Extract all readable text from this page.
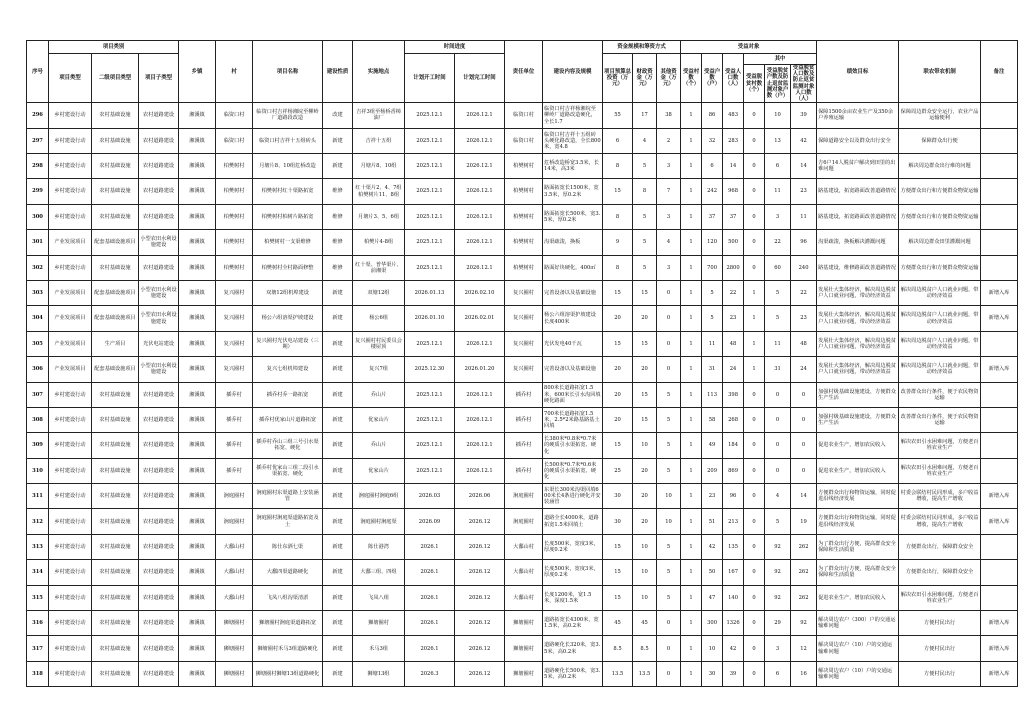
序号	项目类别			乡镇	村	项目名称	建设性质	实施地点	时间进度		责任单位	建设内容及规模	资金规模和筹资方式			受益对象						绩效目标	联农带农机制	备注
	项目类型	二级项目类型	项目子类型						计划开工时间	计划完工时间			项目预算总投资（万元）	财政资金（万元）	其他资金（万元）	受益村数（个）	受益户数（户）	受益人口数（人）	其中					
																			受益脱贫村数（个）	受益脱贫户数及防止返贫监测对象户数（户）	受益脱贫人口数及防止返贫监测对象人口数（人）			
296	乡村建设行动	农村基础设施	农村道路建设	湘溪镇	临资口村	临资口村吉祥杨湘垸至柳岭厂道路段改造	改建	吉祥3组至杨桥香樟油厂	2025.12.1	2026.12.1	临资口村	临资口村吉祥杨湘垸至柳岭厂道路改造硬化，全长1.7	55	17	38	1	86	483	0	10	39	保障1500余亩农业生产及350余户养殖运输	保障周边群众安全运行，农业产品运输便利	
297	乡村建设行动	农村基础设施	农村道路建设	湘溪镇	临资口村	临资口村吉祥十五组砖头	新建	吉祥十五组	2025.12.1	2026.12.1	临资口村	临资口村吉祥十五组砖头硬化路改造，全长800米，宽4.8	6	4	2	1	32	283	0	13	42	保障道路安全以及群众出行安全	保障群众出行便	
298	乡村建设行动	农村基础设施	农村道路建设	湘溪镇	柏樊树村	月塘片8、10组危桥改造	新建	月塘片8、10组	2025.12.1	2026.12.1	柏樊树村	危桥改造桥宽3.5米，长14米，高3米	8	5	3	1	6	14	0	6	14	方6户14人脱贫户解决到田里的出难问题	解决周边群众出行难的问题	
299	乡村建设行动	农村基础设施	农村道路建设	湘溪镇	柏樊树村	柏樊树村红十渠路拓宽	维修	红十渠片2、4、7组柏樊树片11、8组	2025.12.1	2026.12.1	柏樊树村	路面拓宽长1500米，宽3.5米，厚0.2米	15	8	7	1	242	968	0	11	23	路基建设，拓宽路面改善道路情况	方便群众出行和方便群众物资运输	
300	乡村建设行动	农村基础设施	农村道路建设	湘溪镇	柏樊树村	柏樊树村柏树片路拓宽	维修	月塘片3、5、6组	2025.12.1	2026.12.1	柏樊树村	路面拓宽长500米，宽3.5米，厚0.2米	8	5	3	1	37	37	0	3	11	路基建设，拓宽路面改善道路情况	方便群众出行和方便群众物资运输	
301	产业发展项目	配套基础设施项目	小型农田水利设施建设	湘溪镇	柏樊树村	柏樊树村一支渠维修	维修	柏樊片4-8组	2025.12.1	2026.12.1	柏樊树村	沟渠疏浚，换板	9	5	4	1	120	500	0	22	96	沟渠疏浚，换板解决灌溉问题	解决周边群众田里灌溉问题	
302	乡村建设行动	农村基础设施	农村道路建设	湘溪镇	柏樊树村	柏樊树村全村路面修整	维修	红十渠、普华渠片、前湘渠	2025.12.1	2026.12.1	柏樊树村	路面好块硬化，400㎡	8	5	3	1	700	2800	0	60	240	路基建设，维修路面改善道路情况	方便群众出行和方便群众物资运输	
303	产业发展项目	配套基础设施项目	小型农田水利设施建设	湘溪镇	复兴圈村	双塘12组机埠建设	新建	双塘12组	2026.01.13	2026.02.10	复兴圈村	完善设备以及基础设施	15	15	0	1	5	22	1	5	22	发展壮大集体经济，解决周边脱贫户人口就业问题，带动经济效益	解决周边脱贫户人口就业问题，带动经济效益	新增入库
304	产业发展项目	配套基础设施项目	小型农田水利设施建设	湘溪镇	复兴圈村	杨公六组溶渠护坡建设	新建	杨公6组	2026.01.10	2026.02.01	复兴圈村	杨公六组溶渠护坡建设长度400米	20	20	0	1	5	23	1	5	23	发展壮大集体经济，解决周边脱贫户人口就业问题，带动经济效益	解决周边脱贫户人口就业问题，带动经济效益	新增入库
305	产业发展项目	生产项目	光伏电站建设	湘溪镇	复兴圈村	复兴圈村光伏电站建设（三期）	新建	复兴圈村村民委员会楼屋顶	2025.12.1	2026.12.1	复兴圈村	光伏发电40千瓦	15	15	0	1	11	48	1	11	48	发展壮大集体经济，解决周边脱贫户人口就业问题，带动经济效益	解决周边脱贫户人口就业问题，带动经济效益	
306	产业发展项目	配套基础设施项目	小型农田水利设施建设	湘溪镇	复兴圈村	复兴七组机埠建设	新建	复兴7组	2025.12.30	2026.01.20	复兴圈村	完善设备以及基础设施	20	20	0	1	31	24	1	31	24	发展壮大集体经济，解决周边脱贫户人口就业问题，带动经济效益	解决周边脱贫户人口就业问题，带动经济效益	新增入库
307	乡村建设行动	农村基础设施	农村道路建设	湘溪镇	插乔村	插乔村乔一路拓宽	新建	乔山片	2025.12.1	2026.12.1	插乔村	800米长道路拓宽1.5米，600米长引水沟回填硬化路面	20	15	5	1	113	398	0	0	0	加强村级基础设施建设，方便群众生产生活	改善群众出行条件，便于农民物资运输	
308	乡村建设行动	农村基础设施	农村道路建设	湘溪镇	插乔村	插乔村优家山片道路拓宽	新建	优家山片	2025.12.1	2026.12.1	插乔村	700米长道路拓宽1.5米，2.5*2米路基路基土回填	20	15	5	1	58	268	0	0	0	加强村级基础设施建设，方便群众生产生活	改善群众出行条件，便于农民物资运输	
309	乡村建设行动	农村基础设施	农村道路建设	湘溪镇	插乔村	插乔村乔山三组三号引水渠拓宽、硬化	新建	乔山片	2025.12.1	2026.12.1	插乔村	长380米*0.8米*0.7米的硬质引水渠拓宽、硬化	15	10	5	1	49	184	0	0	0	促进农业生产，增加农民收入	解决农田引水困难问题，方便老百姓农业生产	
310	乡村建设行动	农村基础设施	农村道路建设	湘溪镇	插乔村	插乔村优家山三组二段引水渠拓宽、硬化	新建	优家山片	2025.12.1	2026.12.1	插乔村	长500米*0.7米*0.6米的硬质引水渠拓宽、硬化	25	20	5	1	209	869	0	0	0	促进农业生产，增加农民收入	解决农田引水困难问题，方便老百姓农业生产	
311	乡村建设行动	农村基础设施	农村道路建设	湘溪镇	涧庭圈村	涧庭圈村东渠道路上安装涵管	新建	涧庭圈村涧庭6组	2026.03	2026.06	涧庭圈村	东渠长300米沟渠回填600米长4条进行硬化并安装涵管	30	20	10	1	23	96	0	4	14	方便群众出行和物资运输，同时促进沿线经济发展	村委会联结村民同形成，多户收益增收，提高生产增收	新增入库
312	乡村建设行动	农村基础设施	农村道路建设	湘溪镇	涧庭圈村	涧庭圈村涧庭渠道路拓宽及土	新建	涧庭圈村涧庭渠	2026.09	2026.12	涧庭圈村	道路全长4000米，道路拓宽1.5米回填土	30	20	10	1	51	213	0	5	19	方便群众出行和物资运输，同时促进沿线经济发展	村委会联结村民同形成，多户收益增收，提高生产增收	新增入库
313	乡村建设行动	农村基础设施	农村道路建设	湘溪镇	大鄱山村	陈仕东洒七渠	新建	陈仕港湾	2026.1	2026.12	大鄱山村	长度500米，宽度3米，厚度0.2米	15	10	5	1	42	135	0	92	262	为了群众出行方便，提高群众安全保障和生活质量	方便群众出行，保障群众安全	
314	乡村建设行动	农村基础设施	农村道路建设	湘溪镇	大鄱山村	大鄱四渠道路硬化	新建	大鄱三组、四组	2026.1	2026.12	大鄱山村	长度500米，宽度3米，厚度0.2米	15	10	5	1	50	167	0	92	262	为了群众出行方便，提高群众安全保障和生活质量	方便群众出行，保障群众安全	
315	乡村建设行动	农村基础设施	农村道路建设	湘溪镇	大鄱山村	飞凤八组沟渠清淤	新建	飞凤八组	2026.1	2026.12	大鄱山村	长度1200米，宽1.5米，深度1.5米	15	10	5	1	47	140	0	92	262	促进农业生产，增加农民收入	解决农田引水困难问题，方便老百姓农业生产	
316	乡村建设行动	农村基础设施	农村道路建设	湘溪镇	狮塘圈村	狮塘圈村涧庭渠道路拓宽	新建	狮塘圈村	2026.1	2026.12	狮塘圈村	道路拓宽长4300米，宽1.5米，高0.2米	45	45	0	1	300	1326	0	29	92	解决周边农户（300）户的交通运输难问题	方便村民出行	新增入库
317	乡村建设行动	农村基础设施	农村道路建设	湘溪镇	狮塘圈村	狮塘圈村禾马3组道路硬化	新建	禾马3组	2026.1	2026.12	狮塘圈村	道路硬化长320米，宽3.5米，高0.2米	8.5	8.5	0	1	10	42	0	3	12	解决周边农户（10）户的交通运输难问题	方便村民出行	新增入库
318	乡村建设行动	农村基础设施	农村道路建设	湘溪镇	狮塘圈村	狮塘圈村狮塘13组道路硬化	新建	狮塘13组	2026.3	2026.12	狮塘圈村	道路硬化长500米，宽3.5米，高0.2米	13.5	13.5	0	1	30	39	0	6	16	解决周边农户（10）户的交通运输难问题	方便村民出行	新增入库
